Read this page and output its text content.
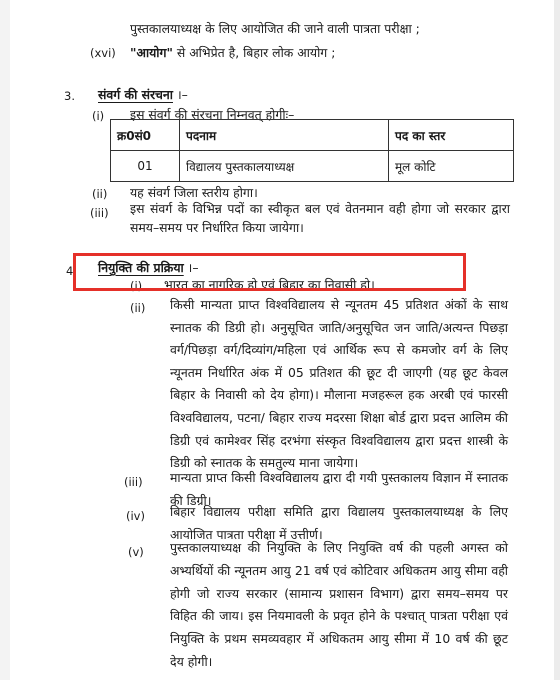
पुस्तकालयाध्यक्ष के लिए आयोजित की जाने वाली पात्रता परीक्षा ;
(xvi) "आयोग" से अभिप्रेत है, बिहार लोक आयोग ;
3. संवर्ग की संरचना ।–
(i) इस संवर्ग की संरचना निम्नवत् होगीः–
क्र0सं0	पदनाम	पद का स्तर
01	विद्यालय पुस्तकालयाध्यक्ष	मूल कोटि
(ii) यह संवर्ग जिला स्तरीय होगा।
(iii) इस संवर्ग के विभिन्न पदों का स्वीकृत बल एवं वेतनमान वही होगा जो सरकार द्वारा समय–समय पर निर्धारित किया जायेगा।
4. नियुक्ति की प्रक्रिया ।–
(i) भारत का नागरिक हो एवं बिहार का निवासी हो।
(ii) किसी मान्यता प्राप्त विश्वविद्यालय से न्यूनतम 45 प्रतिशत अंकों के साथ स्नातक की डिग्री हो। अनुसूचित जाति/अनुसूचित जन जाति/अत्यन्त पिछड़ा वर्ग/पिछड़ा वर्ग/दिव्यांग/महिला एवं आर्थिक रूप से कमजोर वर्ग के लिए न्यूनतम निर्धारित अंक में 05 प्रतिशत की छूट दी जाएगी (यह छूट केवल बिहार के निवासी को देय होगा)। मौलाना मजहरूल हक अरबी एवं फारसी विश्वविद्यालय, पटना/ बिहार राज्य मदरसा शिक्षा बोर्ड द्वारा प्रदत्त आलिम की डिग्री एवं कामेश्वर सिंह दरभंगा संस्कृत विश्वविद्यालय द्वारा प्रदत्त शास्त्री के डिग्री को स्नातक के समतुल्य माना जायेगा।
(iii) मान्यता प्राप्त किसी विश्वविद्यालय द्वारा दी गयी पुस्तकालय विज्ञान में स्नातक की डिग्री।
(iv) बिहार विद्यालय परीक्षा समिति द्वारा विद्यालय पुस्तकालयाध्यक्ष के लिए आयोजित पात्रता परीक्षा में उत्तीर्ण।
(v) पुस्तकालयाध्यक्ष की नियुक्ति के लिए नियुक्ति वर्ष की पहली अगस्त को अभ्यर्थियों की न्यूनतम आयु 21 वर्ष एवं कोटिवार अधिकतम आयु सीमा वही होगी जो राज्य सरकार (सामान्य प्रशासन विभाग) द्वारा समय–समय पर विहित की जाय। इस नियमावली के प्रवृत होने के पश्चात् पात्रता परीक्षा एवं नियुक्ति के प्रथम समव्यवहार में अधिकतम आयु सीमा में 10 वर्ष की छूट देय होगी।
